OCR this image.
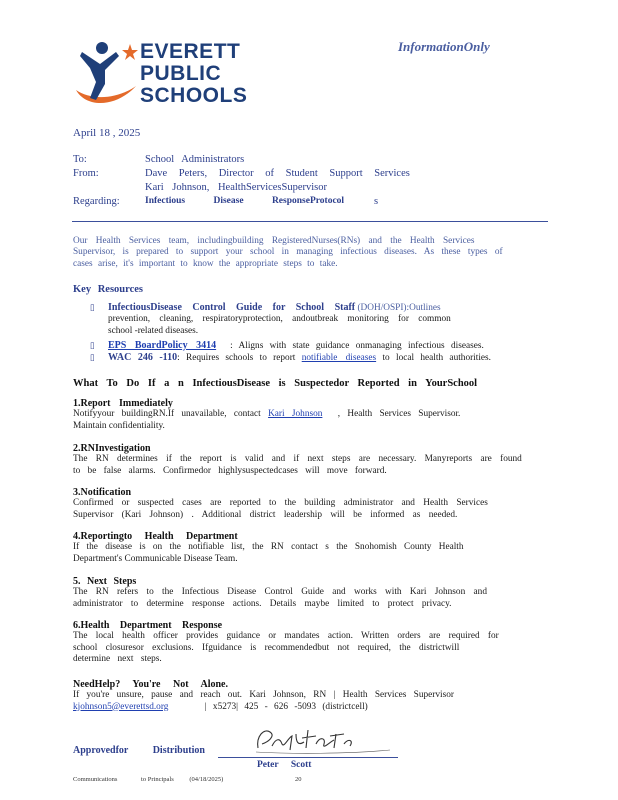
EVERETT
PUBLIC
SCHOOLS
InformationOnly
April 18 , 2025
To:	School Administrators
From:	Dave Peters, Director of Student Support Services
Kari Johnson, HealthServicesSupervisor
Regarding:	Infectious Disease ResponseProtocol	s

Our Health Services team, includingbuilding RegisteredNurses(RNs) and the Health Services

Supervisor, is prepared to support your school in managing infectious diseases. As these types of

cases arise, it's important to know the appropriate steps to take.

Key Resources
▯ InfectiousDisease Control Guide for School Staff (DOH/OSPI):Outlines

prevention, cleaning, respiratoryprotection, andoutbreak monitoring for common

school -related diseases.

▯ EPS BoardPolicy 3414 : Aligns with state guidance onmanaging infectious diseases.
▯ WAC 246 -110: Requires schools to report notifiable diseases to local health authorities.
What To Do If a n InfectiousDisease is Suspectedor Reported in YourSchool
1.Report Immediately

Notifyyour buildingRN.If unavailable, contact Kari Johnson , Health Services Supervisor.

Maintain confidentiality.

2.RNInvestigation

The RN determines if the report is valid and if next steps are necessary. Manyreports are found

to be false alarms. Confirmedor highlysuspectedcases will move forward.

3.Notification

Confirmed or suspected cases are reported to the building administrator and Health Services

Supervisor (Kari Johnson) . Additional district leadership will be informed as needed.

4.Reportingto Health Department

If the disease is on the notifiable list, the RN contact s the Snohomish County Health

Department's Communicable Disease Team.

5. Next Steps

The RN refers to the Infectious Disease Control Guide and works with Kari Johnson and

administrator to determine response actions. Details maybe limited to protect privacy.

6.Health Department Response

The local health officer provides guidance or mandates action. Written orders are required for

school closuresor exclusions. Ifguidance is recommendedbut not required, the districtwill

determine next steps.

NeedHelp? You're Not Alone.

If you're unsure, pause and reach out. Kari Johnson, RN | Health Services Supervisor

kjohnson5@everettsd.org	| x5273| 425 - 626 -5093 (districtcell)

Approvedfor Distribution
Peter Scott
Communications	to Principals (04/18/2025)	20
